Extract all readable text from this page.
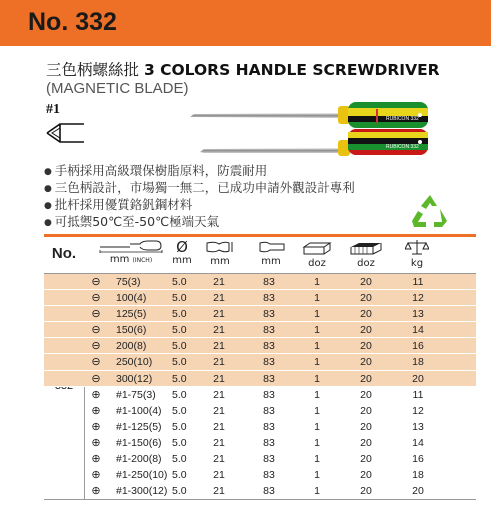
No. 332
三色柄螺絲批 3 COLORS HANDLE SCREWDRIVER
(MAGNETIC BLADE)
#1
RUBICON 332
RUBICON 332
● 手柄採用高級環保樹脂原料，防震耐用
● 三色柄設計，市場獨一無二，已成功申請外觀設計專利
● 批杆採用優質鉻釩鋼材料
● 可抵禦50℃至-50℃極端天氣
No.	mm (INCH)
Ø
mm	mm	mm	doz	doz	kg
⊖ 75(3)	5.0	21	83	1	20	11
⊖ 100(4) 5.0	21	83	1	20	12
⊖ 125(5) 5.0	21	83	1	20	13
⊖ 150(6) 5.0	21	83	1	20	14
⊖ 200(8) 5.0	21	83	1	20	16
⊖ 250(10) 5.0	21	83	1	20	18
⊖ 300(12) 5.0	21	83	1	20	20
⊕ #1-75(3) 5.0	21	83	1	20	11
⊕ #1-100(4) 5.0	21	83	1	20	12
⊕ #1-125(5) 5.0	21	83	1	20	13
⊕ #1-150(6) 5.0	21	83	1	20	14
⊕ #1-200(8) 5.0	21	83	1	20	16
⊕ #1-250(10) 5.0	21	83	1	20	18
⊕ #1-300(12) 5.0	21	83	1	20	20
